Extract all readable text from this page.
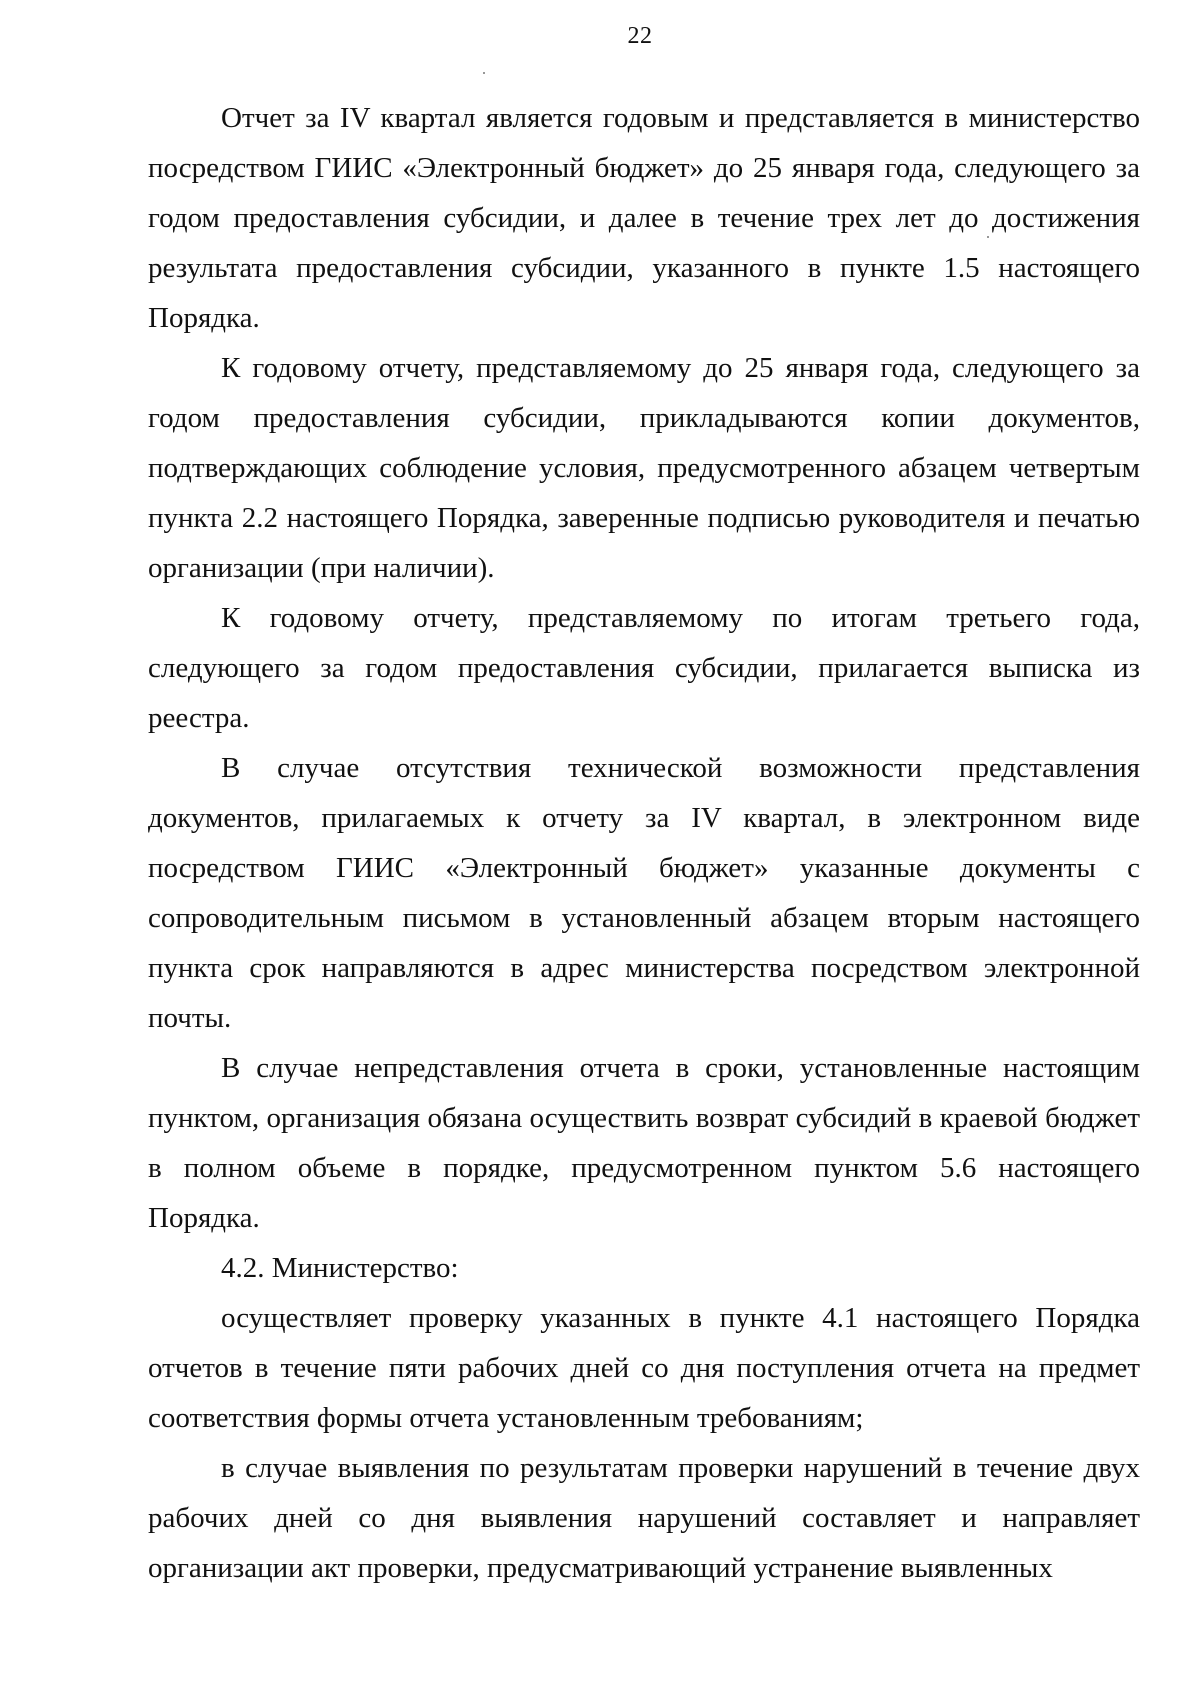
22

Отчет за IV квартал является годовым и представляется в министерство посредством ГИИС «Электронный бюджет» до 25 января года, следующего за годом предоставления субсидии, и далее в течение трех лет до достижения результата предоставления субсидии, указанного в пункте 1.5 настоящего Порядка.

К годовому отчету, представляемому до 25 января года, следующего за годом предоставления субсидии, прикладываются копии документов, подтверждающих соблюдение условия, предусмотренного абзацем четвертым пункта 2.2 настоящего Порядка, заверенные подписью руководителя и печатью организации (при наличии).

К годовому отчету, представляемому по итогам третьего года, следующего за годом предоставления субсидии, прилагается выписка из реестра.

В случае отсутствия технической возможности представления документов, прилагаемых к отчету за IV квартал, в электронном виде посредством ГИИС «Электронный бюджет» указанные документы с сопроводительным письмом в установленный абзацем вторым настоящего пункта срок направляются в адрес министерства посредством электронной почты.

В случае непредставления отчета в сроки, установленные настоящим пунктом, организация обязана осуществить возврат субсидий в краевой бюджет в полном объеме в порядке, предусмотренном пунктом 5.6 настоящего Порядка.

4.2. Министерство:

осуществляет проверку указанных в пункте 4.1 настоящего Порядка отчетов в течение пяти рабочих дней со дня поступления отчета на предмет соответствия формы отчета установленным требованиям;

в случае выявления по результатам проверки нарушений в течение двух рабочих дней со дня выявления нарушений составляет и направляет организации акт проверки, предусматривающий устранение выявленных
